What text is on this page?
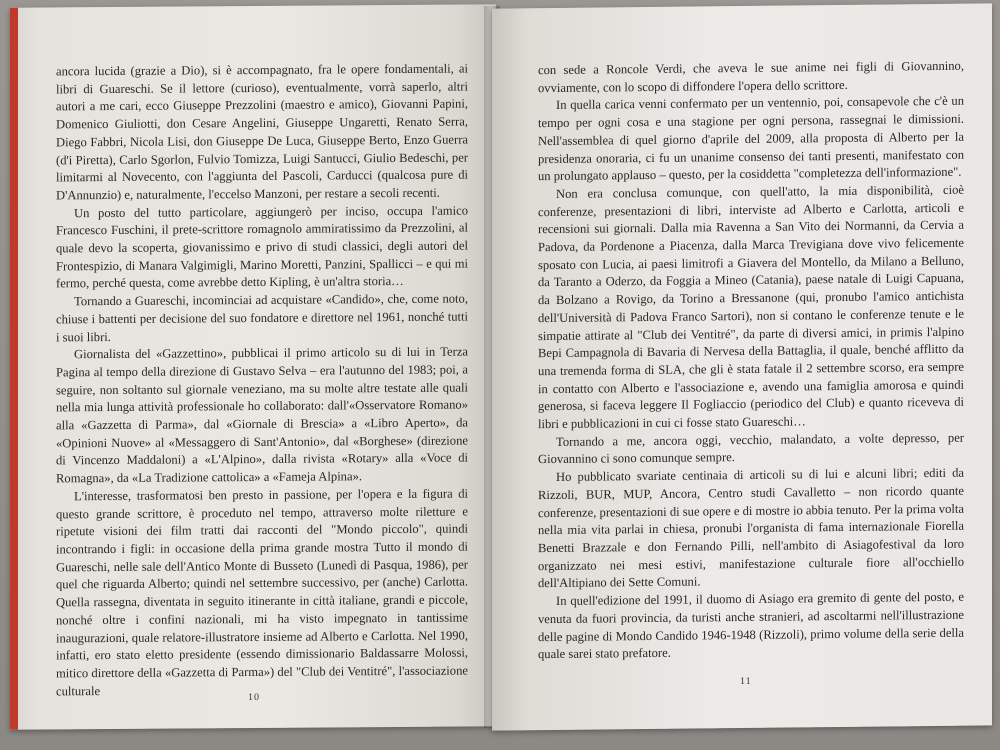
ancora lucida (grazie a Dio), si è accompagnato, fra le opere fondamentali, ai libri di Guareschi. Se il lettore (curioso), eventualmente, vorrà saperlo, altri autori a me cari, ecco Giuseppe Prezzolini (maestro e amico), Giovanni Papini, Domenico Giuliotti, don Cesare Angelini, Giuseppe Ungaretti, Renato Serra, Diego Fabbri, Nicola Lisi, don Giuseppe De Luca, Giuseppe Berto, Enzo Guerra (d'i Piretta), Carlo Sgorlon, Fulvio Tomizza, Luigi Santucci, Giulio Bedeschi, per limitarmi al Novecento, con l'aggiunta del Pascoli, Carducci (qualcosa pure di D'Annunzio) e, naturalmente, l'eccelso Manzoni, per restare a secoli recenti.

Un posto del tutto particolare, aggiungerò per inciso, occupa l'amico Francesco Fuschini, il prete-scrittore romagnolo ammiratissimo da Prezzolini, al quale devo la scoperta, giovanissimo e privo di studi classici, degli autori del Frontespizio, di Manara Valgimigli, Marino Moretti, Panzini, Spallicci – e qui mi fermo, perché questa, come avrebbe detto Kipling, è un'altra storia…

Tornando a Guareschi, incominciai ad acquistare «Candido», che, come noto, chiuse i battenti per decisione del suo fondatore e direttore nel 1961, nonché tutti i suoi libri.

Giornalista del «Gazzettino», pubblicai il primo articolo su di lui in Terza Pagina al tempo della direzione di Gustavo Selva – era l'autunno del 1983; poi, a seguire, non soltanto sul giornale veneziano, ma su molte altre testate alle quali nella mia lunga attività professionale ho collaborato: dall'«Osservatore Romano» alla «Gazzetta di Parma», dal «Giornale di Brescia» a «Libro Aperto», da «Opinioni Nuove» al «Messaggero di Sant'Antonio», dal «Borghese» (direzione di Vincenzo Maddaloni) a «L'Alpino», dalla rivista «Rotary» alla «Voce di Romagna», da «La Tradizione cattolica» a «Fameja Alpina».

L'interesse, trasformatosi ben presto in passione, per l'opera e la figura di questo grande scrittore, è proceduto nel tempo, attraverso molte riletture e ripetute visioni dei film tratti dai racconti del "Mondo piccolo", quindi incontrando i figli: in occasione della prima grande mostra Tutto il mondo di Guareschi, nelle sale dell'Antico Monte di Busseto (Lunedì di Pasqua, 1986), per quel che riguarda Alberto; quindi nel settembre successivo, per (anche) Carlotta. Quella rassegna, diventata in seguito itinerante in città italiane, grandi e piccole, nonché oltre i confini nazionali, mi ha visto impegnato in tantissime inaugurazioni, quale relatore-illustratore insieme ad Alberto e Carlotta. Nel 1990, infatti, ero stato eletto presidente (essendo dimissionario Baldassarre Molossi, mitico direttore della «Gazzetta di Parma») del "Club dei Ventitré", l'associazione culturale	10

con sede a Roncole Verdi, che aveva le sue anime nei figli di Giovannino, ovviamente, con lo scopo di diffondere l'opera dello scrittore.

In quella carica venni confermato per un ventennio, poi, consapevole che c'è un tempo per ogni cosa e una stagione per ogni persona, rassegnai le dimissioni. Nell'assemblea di quel giorno d'aprile del 2009, alla proposta di Alberto per la presidenza onoraria, ci fu un unanime consenso dei tanti presenti, manifestato con un prolungato applauso – questo, per la cosiddetta "completezza dell'informazione".

Non era conclusa comunque, con quell'atto, la mia disponibilità, cioè conferenze, presentazioni di libri, interviste ad Alberto e Carlotta, articoli e recensioni sui giornali. Dalla mia Ravenna a San Vito dei Normanni, da Cervia a Padova, da Pordenone a Piacenza, dalla Marca Trevigiana dove vivo felicemente sposato con Lucia, ai paesi limitrofi a Giavera del Montello, da Milano a Belluno, da Taranto a Oderzo, da Foggia a Mineo (Catania), paese natale di Luigi Capuana, da Bolzano a Rovigo, da Torino a Bressanone (qui, pronubo l'amico antichista dell'Università di Padova Franco Sartori), non si contano le conferenze tenute e le simpatie attirate al "Club dei Ventitré", da parte di diversi amici, in primis l'alpino Bepi Campagnola di Bavaria di Nervesa della Battaglia, il quale, benché afflitto da una tremenda forma di SLA, che gli è stata fatale il 2 settembre scorso, era sempre in contatto con Alberto e l'associazione e, avendo una famiglia amorosa e quindi generosa, si faceva leggere Il Fogliaccio (periodico del Club) e quanto riceveva di libri e pubblicazioni in cui ci fosse stato Guareschi…

Tornando a me, ancora oggi, vecchio, malandato, a volte depresso, per Giovannino ci sono comunque sempre.

Ho pubblicato svariate centinaia di articoli su di lui e alcuni libri; editi da Rizzoli, BUR, MUP, Ancora, Centro studi Cavalletto – non ricordo quante conferenze, presentazioni di sue opere e di mostre io abbia tenuto. Per la prima volta nella mia vita parlai in chiesa, pronubi l'organista di fama internazionale Fiorella Benetti Brazzale e don Fernando Pilli, nell'ambito di Asiagofestival da loro organizzato nei mesi estivi, manifestazione culturale fiore all'occhiello dell'Altipiano dei Sette Comuni.

In quell'edizione del 1991, il duomo di Asiago era gremito di gente del posto, e venuta da fuori provincia, da turisti anche stranieri, ad ascoltarmi nell'illustrazione delle pagine di Mondo Candido 1946-1948 (Rizzoli), primo volume della serie della quale sarei stato prefatore.

11
